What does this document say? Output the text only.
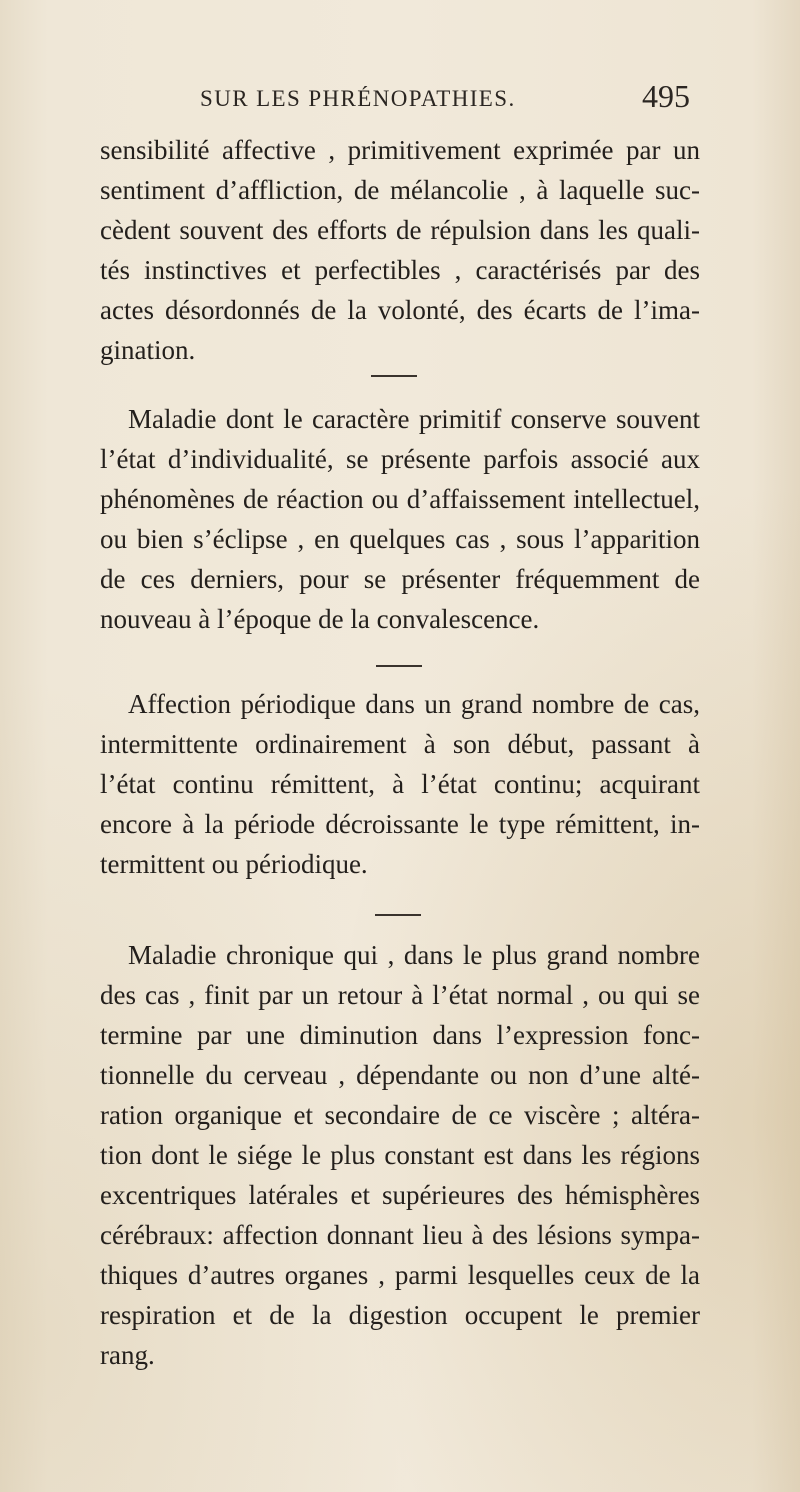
SUR LES PHRÉNOPATHIES.	495
sensibilité affective , primitivement exprimée par un
sentiment d’affliction, de mélancolie , à laquelle suc-
cèdent souvent des efforts de répulsion dans les quali-
tés instinctives et perfectibles , caractérisés par des
actes désordonnés de la volonté, des écarts de l’ima-
gination.
Maladie dont le caractère primitif conserve souvent
l’état d’individualité, se présente parfois associé aux
phénomènes de réaction ou d’affaissement intellectuel,
ou bien s’éclipse , en quelques cas , sous l’apparition
de ces derniers, pour se présenter fréquemment de
nouveau à l’époque de la convalescence.
Affection périodique dans un grand nombre de cas,
intermittente ordinairement à son début, passant à
l’état continu rémittent, à l’état continu; acquirant
encore à la période décroissante le type rémittent, in-
termittent ou périodique.
Maladie chronique qui , dans le plus grand nombre
des cas , finit par un retour à l’état normal , ou qui se
termine par une diminution dans l’expression fonc-
tionnelle du cerveau , dépendante ou non d’une alté-
ration organique et secondaire de ce viscère ; altéra-
tion dont le siége le plus constant est dans les régions
excentriques latérales et supérieures des hémisphères
cérébraux: affection donnant lieu à des lésions sympa-
thiques d’autres organes , parmi lesquelles ceux de la
respiration et de la digestion occupent le premier
rang.
